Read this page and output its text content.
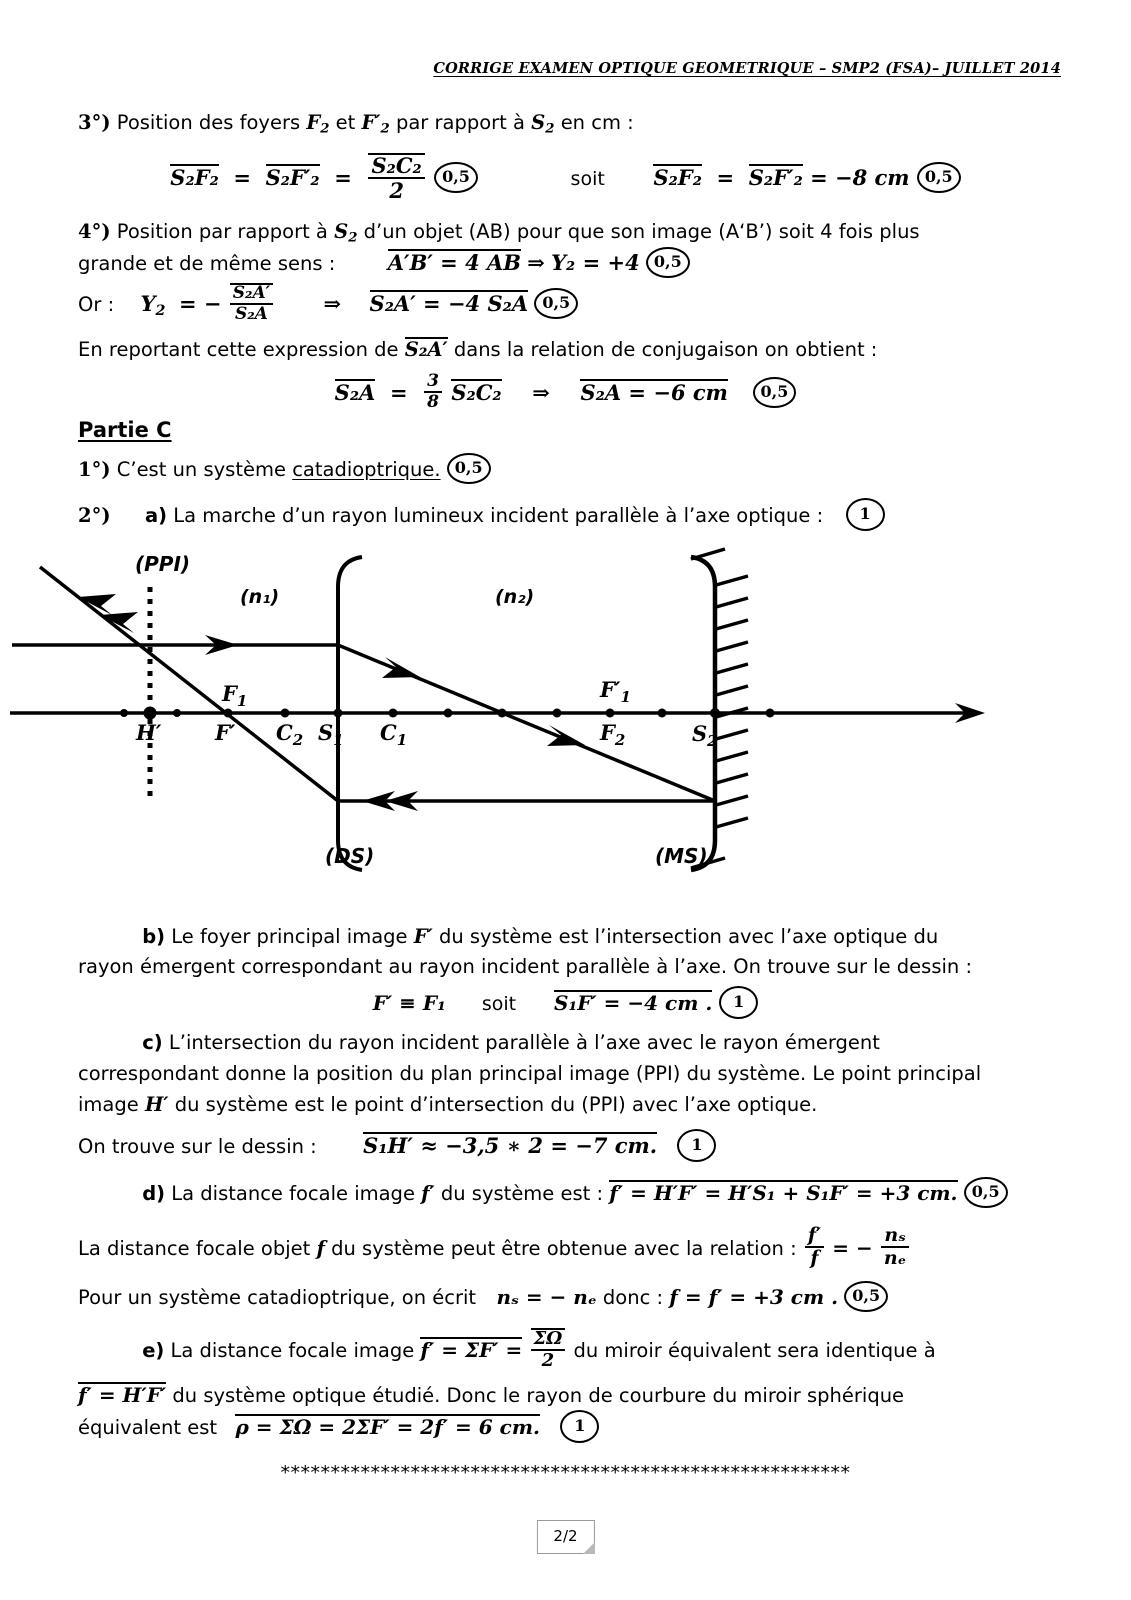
CORRIGE EXAMEN OPTIQUE GEOMETRIQUE – SMP2 (FSA)– JUILLET 2014
3°) Position des foyers $F_2$ et $F'_2$ par rapport à $S_2$ en cm :
$S_2F_2 = S_2F'_2 = \frac{\text{S₂C₂}}{2} 0,5$	soit S₂F₂  =  S₂F′₂ = −8 cm 0,5
4°) Position par rapport à $S_2$ d’un objet (AB) pour que son image (A‘B’) soit 4 fois plus
grande et de même sens : A′B′ = 4 AB ⇒ Υ₂ = +4 0,5
Or : $\Upsilon_2$  = − $\frac{\text{S₂A′}}{\text{S₂A}}$ ⇒ S₂A′ = −4 S₂A 0,5
En reportant cette expression de S₂A′ dans la relation de conjugaison on obtient :
$S_2A = \frac{3}{8} S_2C_2$ ⇒ S₂A = −6 cm 0,5
Partie C
1°) C’est un système catadioptrique. 0,5
2°) a) La marche d’un rayon lumineux incident parallèle à l’axe optique : 1
(PPI)
(n₁)	(n₂)
(DS)	(MS)
H′	F′
$F_1$
$C_2$ $S_1$ $C_1$
$F'_1$
$F_2$	$S_2$
b) Le foyer principal image F′ du système est l’intersection avec l’axe optique du
rayon émergent correspondant au rayon incident parallèle à l’axe. On trouve sur le dessin :
F′ ≡ F₁ soit S₁F′ = −4 cm . 1
c) L’intersection du rayon incident parallèle à l’axe avec le rayon émergent
correspondant donne la position du plan principal image (PPI) du système. Le point principal
image H′ du système est le point d’intersection du (PPI) avec l’axe optique.
On trouve sur le dessin : S₁H′ ≈ −3,5 ∗ 2 = −7 cm. 1
d) La distance focale image f′ du système est : f′ = H′F′ = H′S₁ + S₁F′ = +3 cm. 0,5
La distance focale objet f du système peut être obtenue avec la relation : $\frac{f'}{f}$ = − $\frac{\text{nₛ}}{\text{nₑ}}$
Pour un système catadioptrique, on écrit nₛ = − nₑ donc : f = f′ = +3 cm . 0,5
e) La distance focale image $f' = \Sigma F' = \frac{\Sigma\Omega}{2}$ du miroir équivalent sera identique à
f′ = H′F′ du système optique étudié. Donc le rayon de courbure du miroir sphérique
équivalent est ρ = ΣΩ = 2ΣF′ = 2f′ = 6 cm. 1
*********************************************************
2/2
